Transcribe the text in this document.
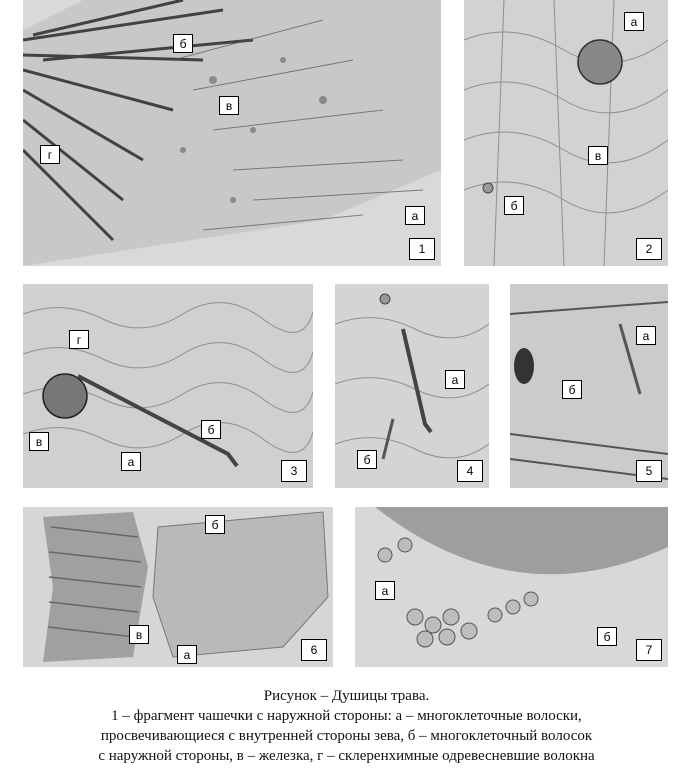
б
в
г
а
1
а
в
б
2
г
б
в
а
3
а
б
4
а
б
5
б
в
а	6
а
б
7
Рисунок – Душицы трава.
1 – фрагмент чашечки с наружной стороны: а – многоклеточные волоски,
просвечивающиеся с внутренней стороны зева, б – многоклеточный волосок
с наружной стороны, в – железка, г – склеренхимные одревесневшие волокна
